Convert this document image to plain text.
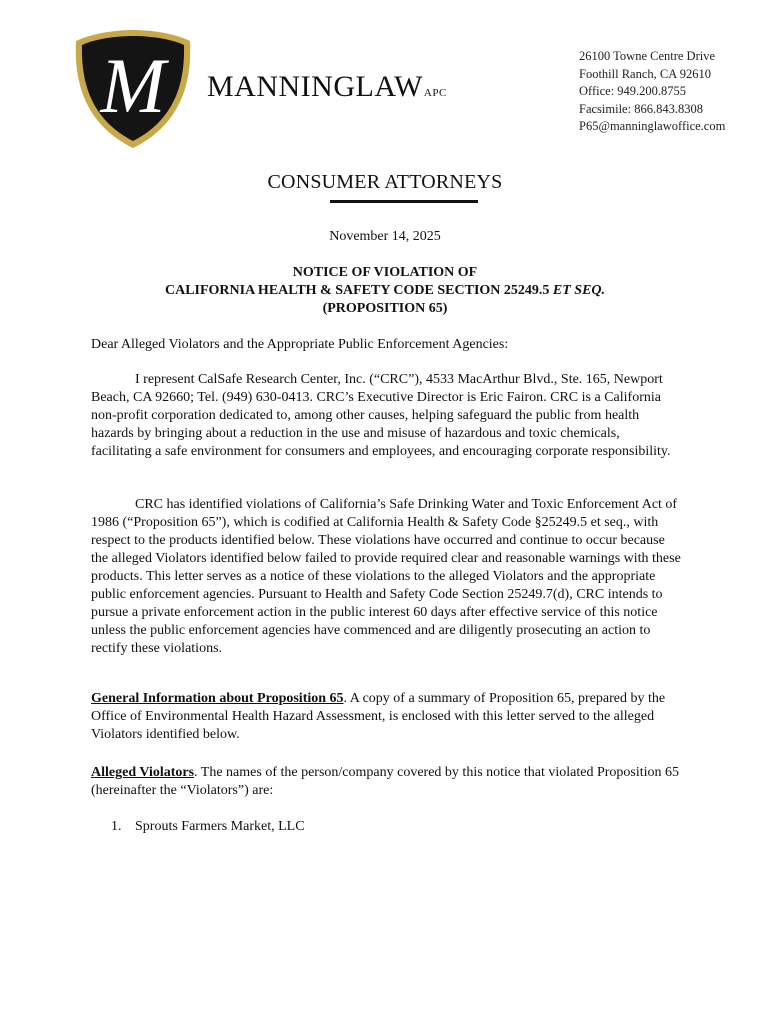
M MANNINGLAWAPC
26100 Towne Centre Drive
Foothill Ranch, CA 92610
Office: 949.200.8755
Facsimile: 866.843.8308
P65@manninglawoffice.com
CONSUMER ATTORNEYS
November 14, 2025
NOTICE OF VIOLATION OF
CALIFORNIA HEALTH & SAFETY CODE SECTION 25249.5 ET SEQ.
(PROPOSITION 65)

Dear Alleged Violators and the Appropriate Public Enforcement Agencies:

I represent CalSafe Research Center, Inc. (“CRC”), 4533 MacArthur Blvd., Ste. 165, Newport Beach, CA 92660; Tel. (949) 630-0413. CRC’s Executive Director is Eric Fairon. CRC is a California non-profit corporation dedicated to, among other causes, helping safeguard the public from health hazards by bringing about a reduction in the use and misuse of hazardous and toxic chemicals, facilitating a safe environment for consumers and employees, and encouraging corporate responsibility.

CRC has identified violations of California’s Safe Drinking Water and Toxic Enforcement Act of 1986 (“Proposition 65”), which is codified at California Health & Safety Code §25249.5 et seq., with respect to the products identified below. These violations have occurred and continue to occur because the alleged Violators identified below failed to provide required clear and reasonable warnings with these products. This letter serves as a notice of these violations to the alleged Violators and the appropriate public enforcement agencies. Pursuant to Health and Safety Code Section 25249.7(d), CRC intends to pursue a private enforcement action in the public interest 60 days after effective service of this notice unless the public enforcement agencies have commenced and are diligently prosecuting an action to rectify these violations.

General Information about Proposition 65. A copy of a summary of Proposition 65, prepared by the Office of Environmental Health Hazard Assessment, is enclosed with this letter served to the alleged Violators identified below.

Alleged Violators. The names of the person/company covered by this notice that violated Proposition 65 (hereinafter the “Violators”) are:

1. Sprouts Farmers Market, LLC
